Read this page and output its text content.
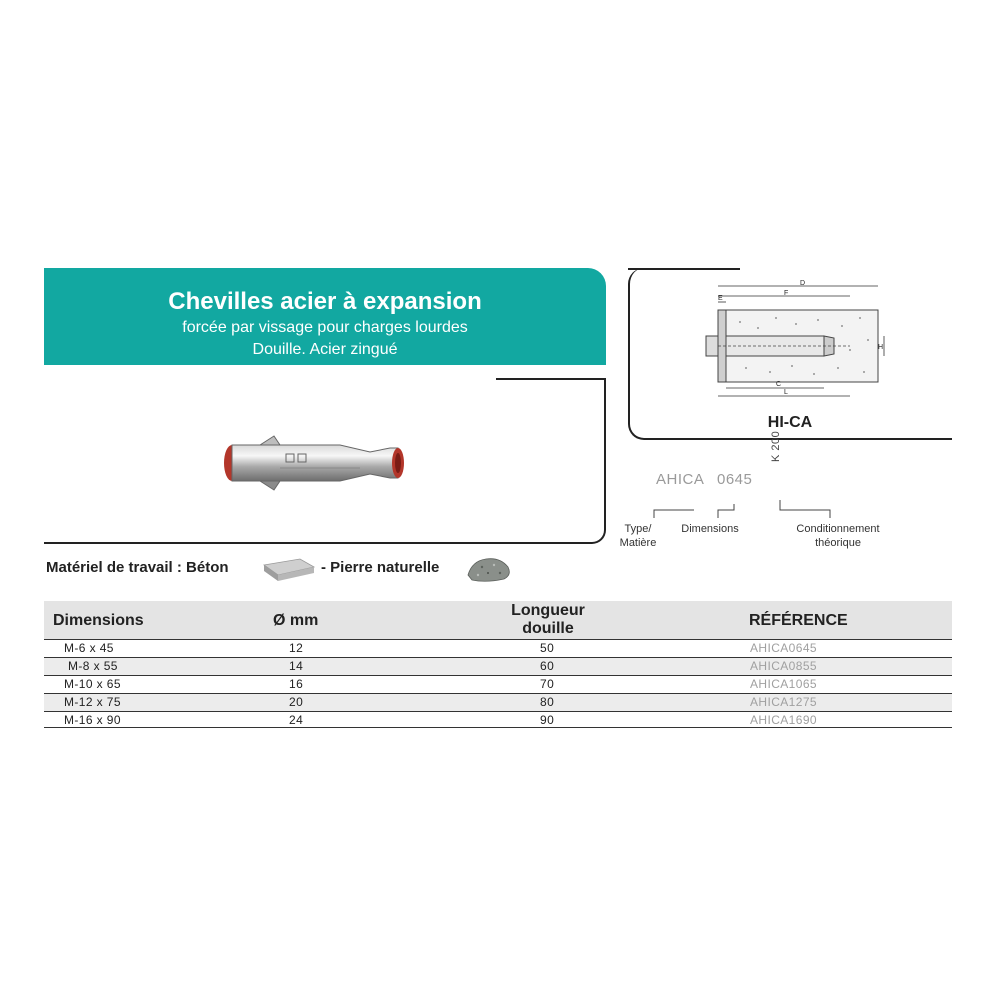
Chevilles acier à expansion
forcée par vissage pour charges lourdes
Douille. Acier zingué
D
F
E
C
L
H
HI-CA
AHICA 0645
K 200
Type/
Matière
Dimensions	Conditionnement
théorique
Matériel de travail : Béton	- Pierre naturelle
Dimensions	Ø mm
Longueur
douille	RÉFÉRENCE
M-6 x 45	12	50	AHICA0645
M-8 x 55	14	60	AHICA0855
M-10 x 65	16	70	AHICA1065
M-12 x 75	20	80	AHICA1275
M-16 x 90	24	90	AHICA1690
